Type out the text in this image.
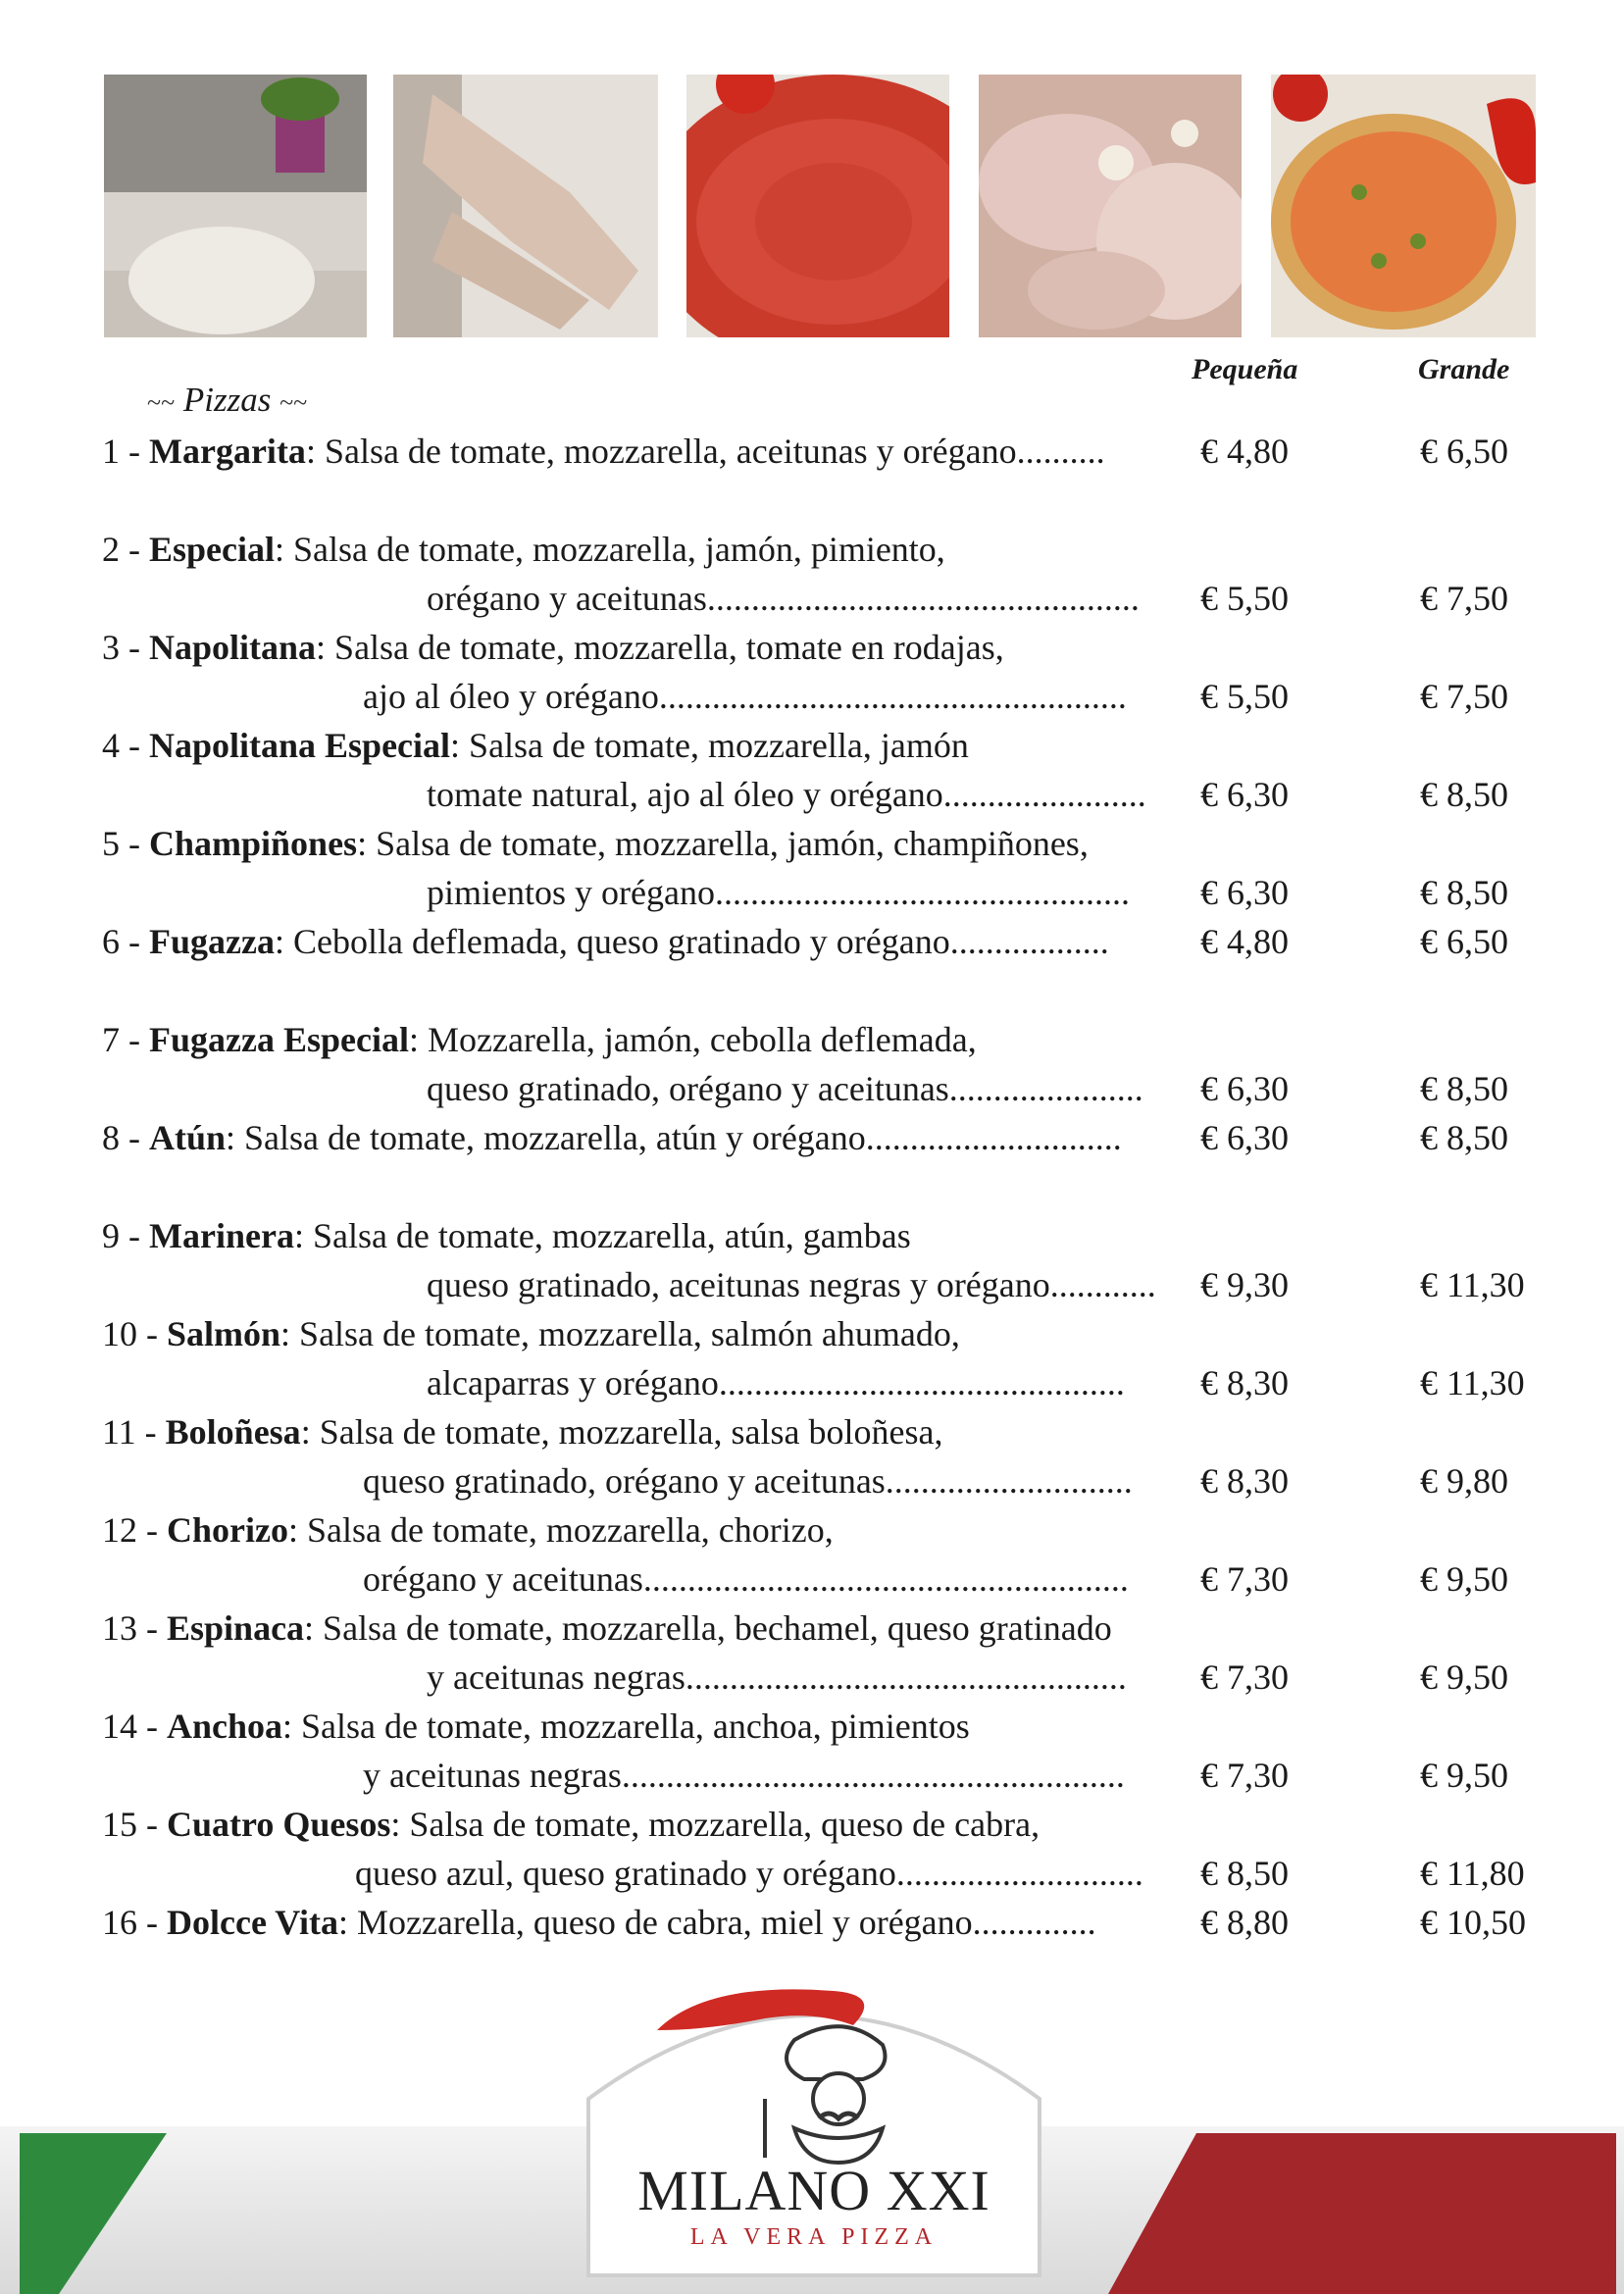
~~ Pizzas ~~
Pequeña	Grande
1 - Margarita: Salsa de tomate, mozzarella, aceitunas y orégano..........	€ 4,80	€ 6,50
2 - Especial: Salsa de tomate, mozzarella, jamón, pimiento,
orégano y aceitunas................................................. € 5,50	€ 7,50
3 - Napolitana: Salsa de tomate, mozzarella, tomate en rodajas,
ajo al óleo y orégano..................................................... € 5,50	€ 7,50
4 - Napolitana Especial: Salsa de tomate, mozzarella, jamón
tomate natural, ajo al óleo y orégano....................... € 6,30	€ 8,50
5 - Champiñones: Salsa de tomate, mozzarella, jamón, champiñones,
pimientos y orégano............................................... € 6,30	€ 8,50
6 - Fugazza: Cebolla deflemada, queso gratinado y orégano..................	€ 4,80	€ 6,50
7 - Fugazza Especial: Mozzarella, jamón, cebolla deflemada,
queso gratinado, orégano y aceitunas...................... € 6,30	€ 8,50
8 - Atún: Salsa de tomate, mozzarella, atún y orégano............................. € 6,30	€ 8,50
9 - Marinera: Salsa de tomate, mozzarella, atún, gambas
queso gratinado, aceitunas negras y orégano............ € 9,30	€ 11,30
10 - Salmón: Salsa de tomate, mozzarella, salmón ahumado,
alcaparras y orégano.............................................. € 8,30	€ 11,30
11 - Boloñesa: Salsa de tomate, mozzarella, salsa boloñesa,
queso gratinado, orégano y aceitunas............................ € 8,30	€ 9,80
12 - Chorizo: Salsa de tomate, mozzarella, chorizo,
orégano y aceitunas....................................................... € 7,30	€ 9,50
13 - Espinaca: Salsa de tomate, mozzarella, bechamel, queso gratinado
y aceitunas negras.................................................. € 7,30	€ 9,50
14 - Anchoa: Salsa de tomate, mozzarella, anchoa, pimientos
y aceitunas negras......................................................... € 7,30	€ 9,50
15 - Cuatro Quesos: Salsa de tomate, mozzarella, queso de cabra,
queso azul, queso gratinado y orégano............................ € 8,50	€ 11,80
16 - Dolcce Vita: Mozzarella, queso de cabra, miel y orégano..............	€ 8,80	€ 10,50
MILANO XXI
LA VERA PIZZA
